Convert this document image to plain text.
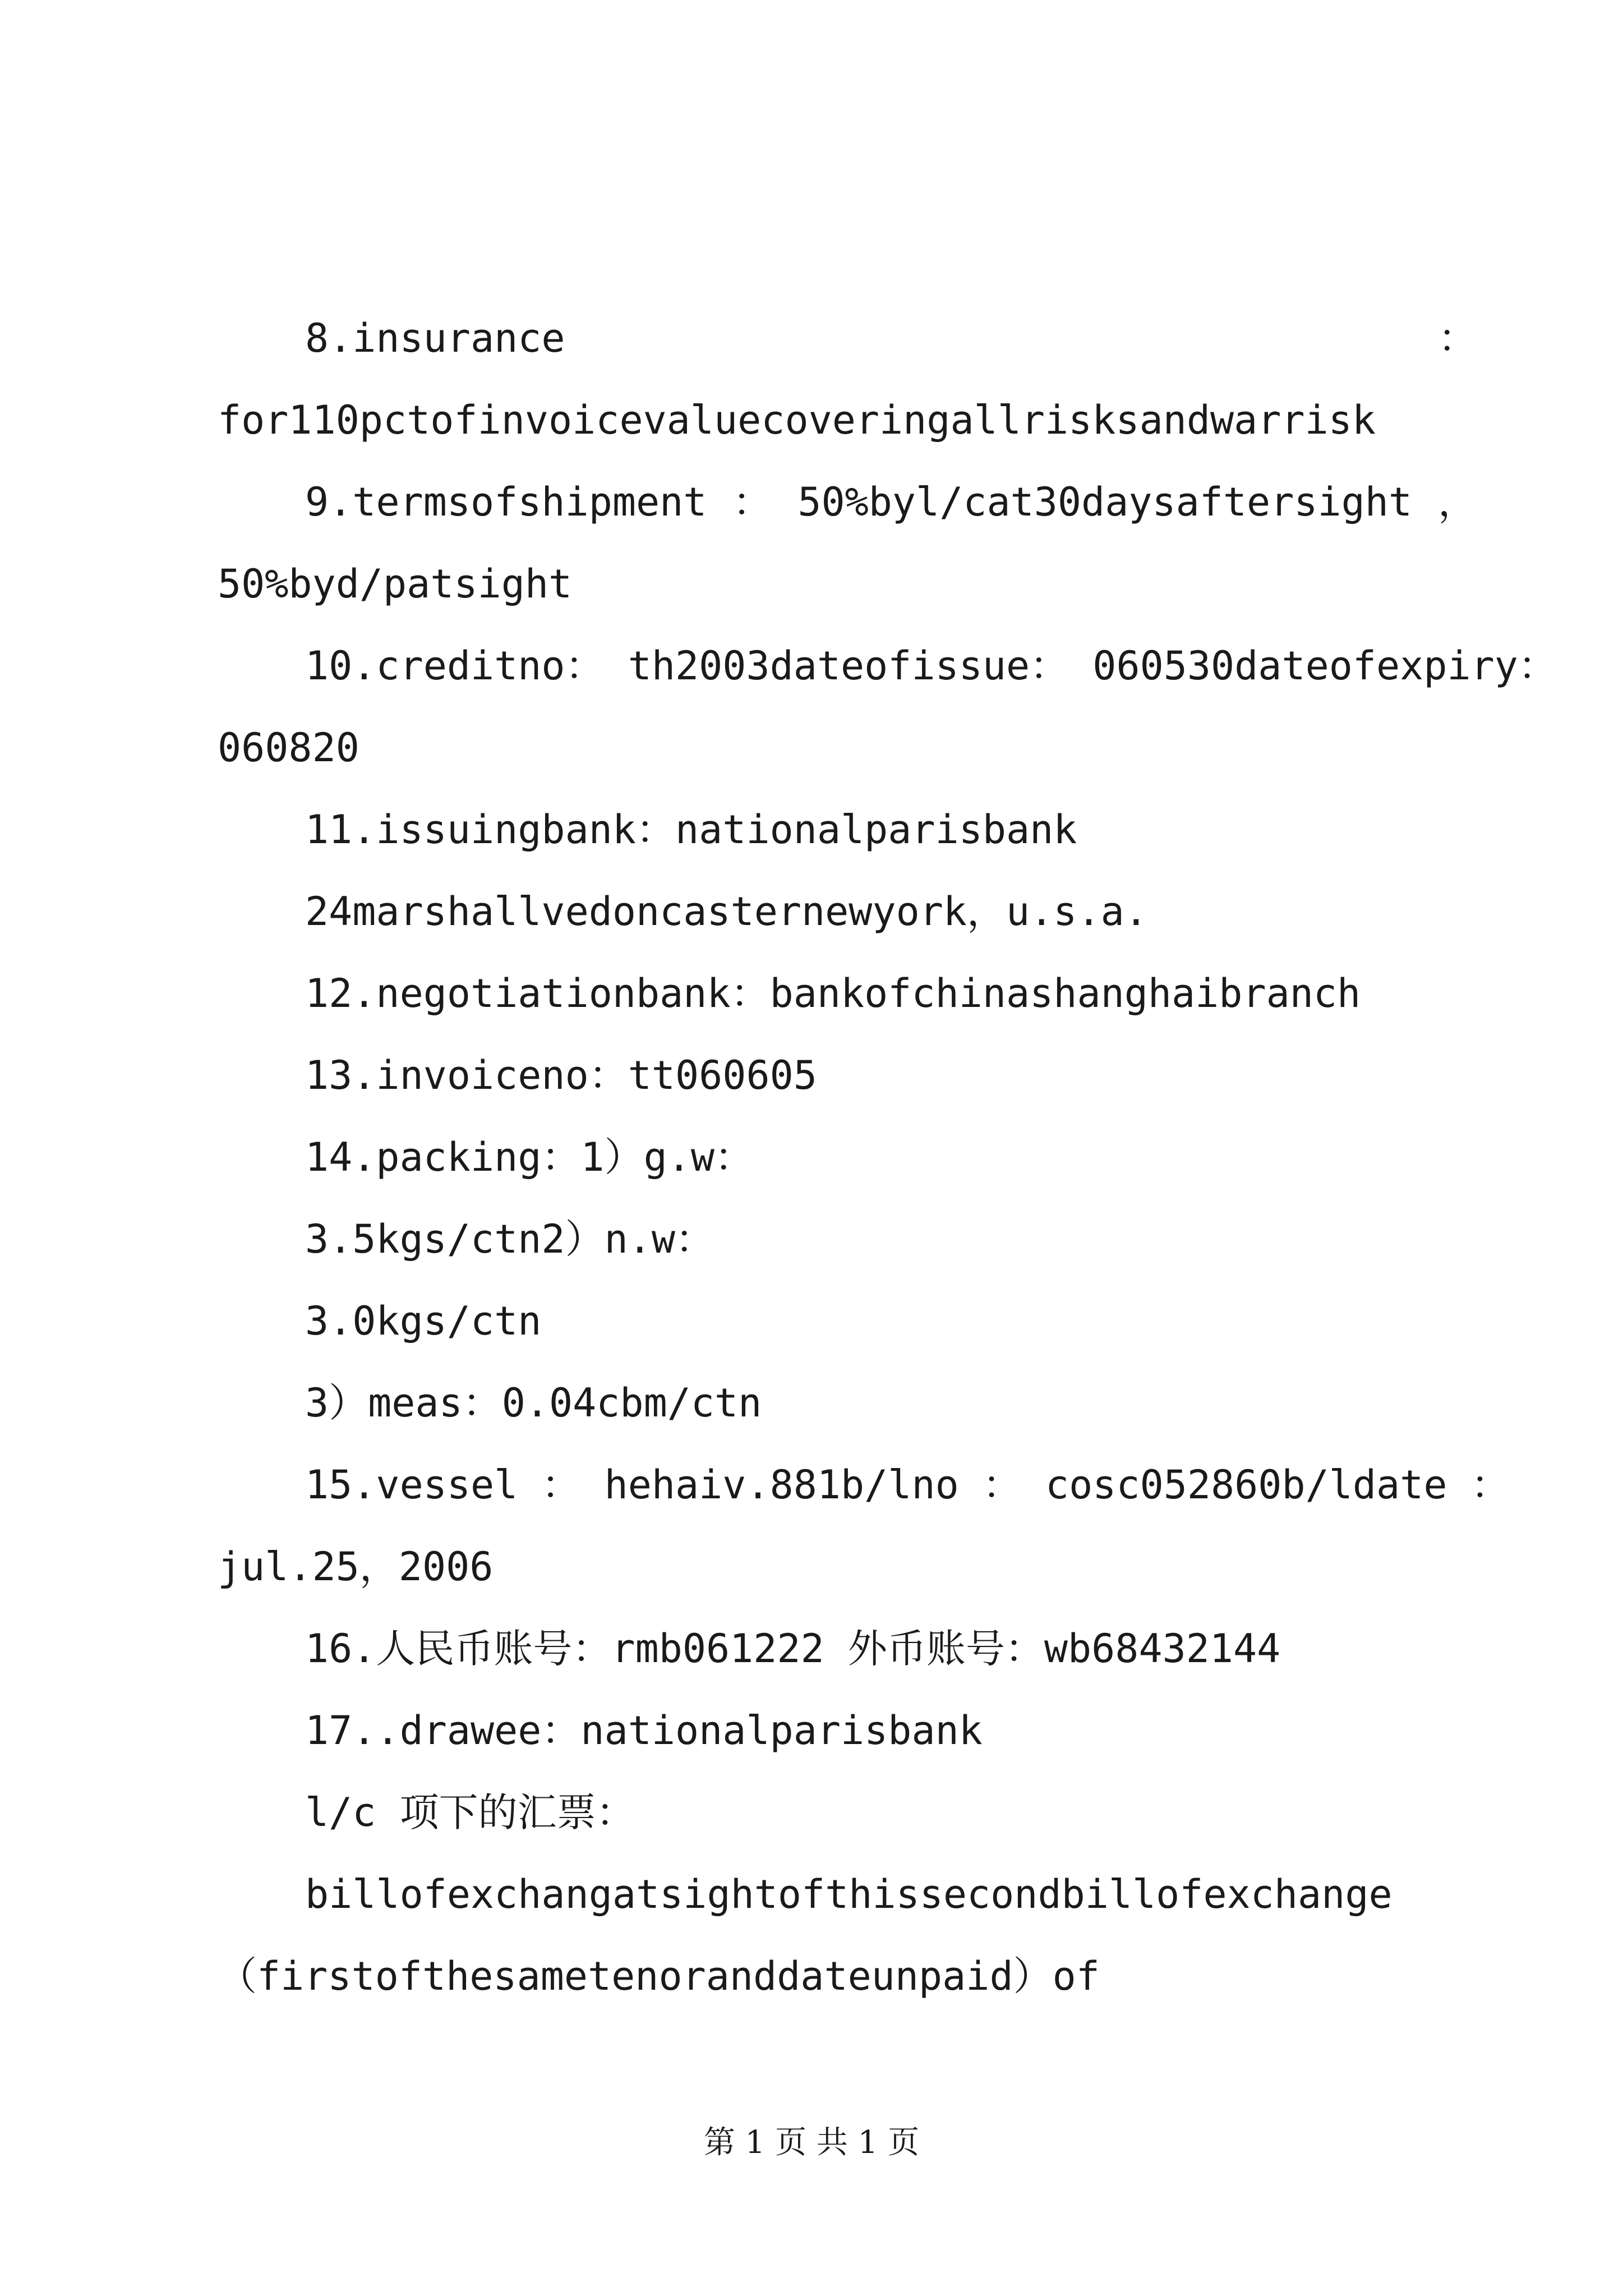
8.insurance	：
for110pctofinvoicevaluecoveringallrisksandwarrisk
9.termsofshipment ： 50%byl/cat30daysaftersight ，
50%byd/patsight
10.creditno： th2003dateofissue： 060530dateofexpiry：
060820
11.issuingbank：nationalparisbank
24marshallvedoncasternewyork，u.s.a.
12.negotiationbank：bankofchinashanghaibranch
13.invoiceno：tt060605
14.packing：1）g.w：
3.5kgs/ctn2）n.w：
3.0kgs/ctn
3）meas：0.04cbm/ctn
15.vessel ： hehaiv.881b/lno ： cosc052860b/ldate ：
jul.25，2006
16.人民币账号：rmb061222 外币账号：wb68432144
17..drawee：nationalparisbank
l/c 项下的汇票：
billofexchangatsightofthissecondbillofexchange
（firstofthesametenoranddateunpaid）of
第 1 页 共 1 页
